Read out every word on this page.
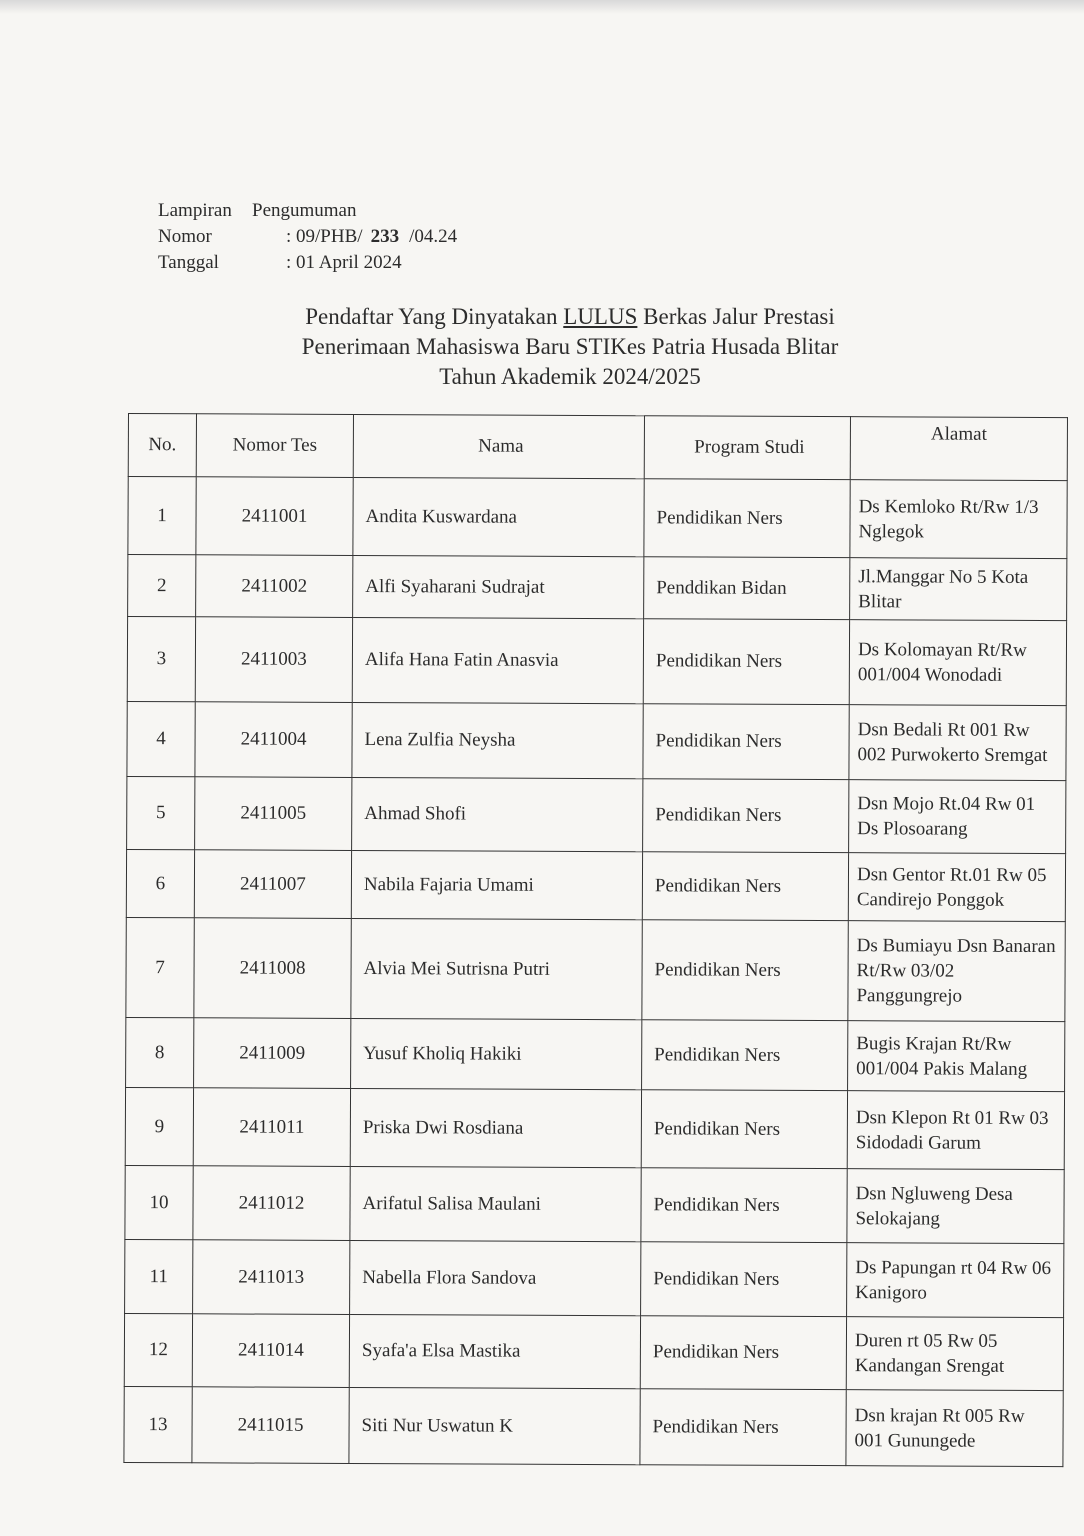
Lampiran Pengumuman
Nomor	: 09/PHB/ 233 /04.24
Tanggal	: 01 April 2024
Pendaftar Yang Dinyatakan LULUS Berkas Jalur Prestasi
Penerimaan Mahasiswa Baru STIKes Patria Husada Blitar
Tahun Akademik 2024/2025
No.	Nomor Tes	Nama	Program Studi	Alamat
1	2411001	Andita Kuswardana	Pendidikan Ners	Ds Kemloko Rt/Rw 1/3 Nglegok
2	2411002	Alfi Syaharani Sudrajat	Penddikan Bidan	Jl.Manggar No 5 Kota Blitar
3	2411003	Alifa Hana Fatin Anasvia	Pendidikan Ners	Ds Kolomayan Rt/Rw 001/004 Wonodadi
4	2411004	Lena Zulfia Neysha	Pendidikan Ners	Dsn Bedali Rt 001 Rw 002 Purwokerto Sremgat
5	2411005	Ahmad Shofi	Pendidikan Ners	Dsn Mojo Rt.04 Rw 01 Ds Plosoarang
6	2411007	Nabila Fajaria Umami	Pendidikan Ners	Dsn Gentor Rt.01 Rw 05 Candirejo Ponggok
7	2411008	Alvia Mei Sutrisna Putri	Pendidikan Ners	Ds Bumiayu Dsn Banaran Rt/Rw 03/02 Panggungrejo
8	2411009	Yusuf Kholiq Hakiki	Pendidikan Ners	Bugis Krajan Rt/Rw 001/004 Pakis Malang
9	2411011	Priska Dwi Rosdiana	Pendidikan Ners	Dsn Klepon Rt 01 Rw 03 Sidodadi Garum
10	2411012	Arifatul Salisa Maulani	Pendidikan Ners	Dsn Ngluweng Desa Selokajang
11	2411013	Nabella Flora Sandova	Pendidikan Ners	Ds Papungan rt 04 Rw 06 Kanigoro
12	2411014	Syafa'a Elsa Mastika	Pendidikan Ners	Duren rt 05 Rw 05 Kandangan Srengat
13	2411015	Siti Nur Uswatun K	Pendidikan Ners	Dsn krajan Rt 005 Rw 001 Gunungede
